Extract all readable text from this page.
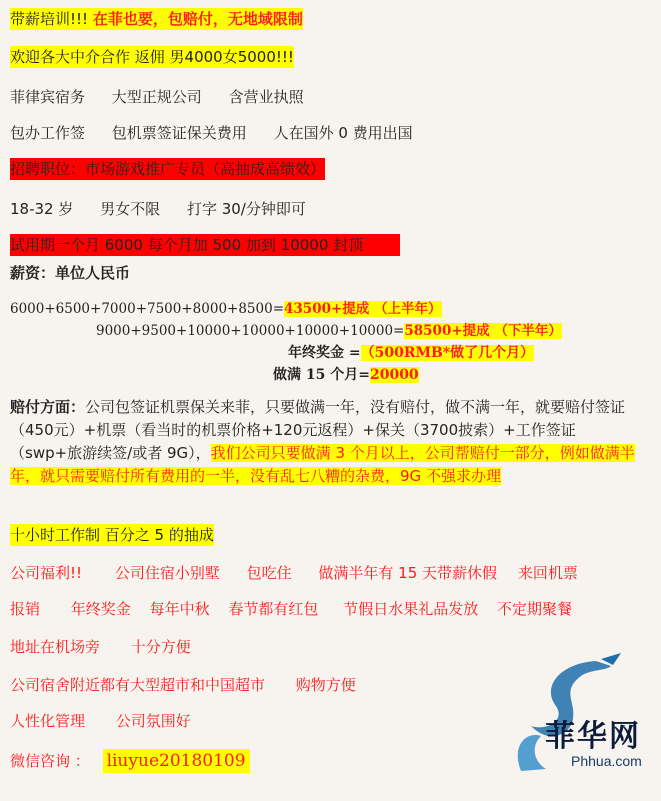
带薪培训!!! 在菲也要，包赔付，无地域限制
欢迎各大中介合作 返佣 男4000女5000!!!
菲律宾宿务 大型正规公司 含营业执照
包办工作签 包机票签证保关费用 人在国外 0 费用出国
招聘职位：市场游戏推广专员（高抽成高绩效）
18-32 岁 男女不限 打字 30/分钟即可
试用期一个月 6000 每个月加 500 加到 10000 封顶
薪资：单位人民币
6000+6500+7000+7500+8000+8500=43500+提成 （上半年）
9000+9500+10000+10000+10000+10000=58500+提成 （下半年）
年终奖金 =（500RMB*做了几个月）
做满 15 个月=20000
赔付方面：公司包签证机票保关来菲，只要做满一年，没有赔付，做不满一年，就要赔付签证（450元）+机票（看当时的机票价格+120元返程）+保关（3700披索）+工作签证（swp+旅游续签/或者 9G），我们公司只要做满 3 个月以上，公司帮赔付一部分，例如做满半年，就只需要赔付所有费用的一半，没有乱七八糟的杂费，9G 不强求办理
十小时工作制 百分之 5 的抽成
公司福利!! 公司住宿小别墅 包吃住 做满半年有 15 天带薪休假 来回机票
报销 年终奖金 每年中秋 春节都有红包 节假日水果礼品发放 不定期聚餐
地址在机场旁 十分方便
公司宿舍附近都有大型超市和中国超市 购物方便
人性化管理 公司氛围好
微信咨询 ： liuyue20180109
菲华网
Phhua.com
